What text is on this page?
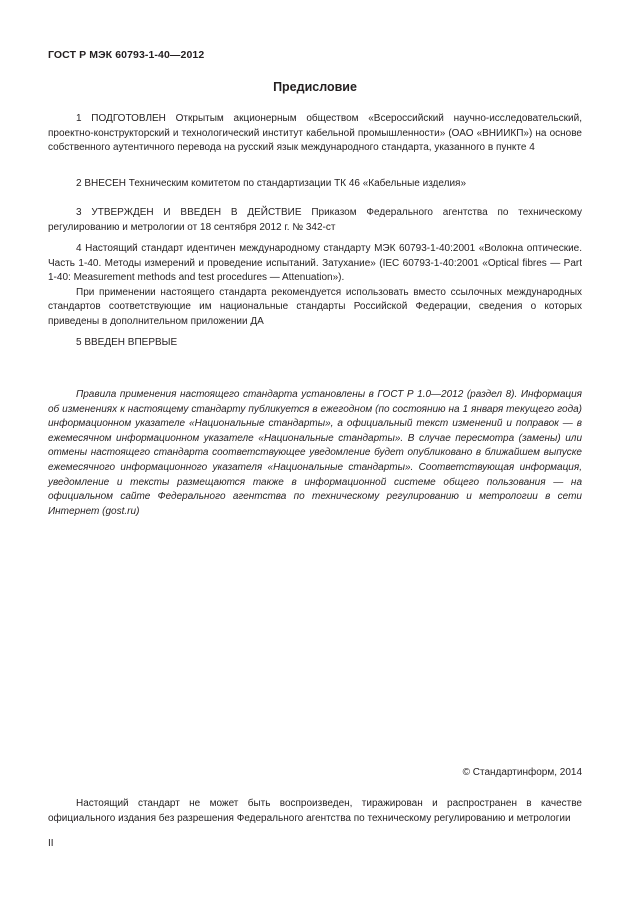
ГОСТ Р МЭК 60793-1-40—2012
Предисловие

1 ПОДГОТОВЛЕН Открытым акционерным обществом «Всероссийский научно-исследовательский, проектно-конструкторский и технологический институт кабельной промышленности» (ОАО «ВНИИКП») на основе собственного аутентичного перевода на русский язык международного стандарта, указанного в пункте 4

2 ВНЕСЕН Техническим комитетом по стандартизации ТК 46 «Кабельные изделия»

3 УТВЕРЖДЕН И ВВЕДЕН В ДЕЙСТВИЕ Приказом Федерального агентства по техническому регулированию и метрологии от 18 сентября 2012 г. № 342-ст

4 Настоящий стандарт идентичен международному стандарту МЭК 60793-1-40:2001 «Волокна оптические. Часть 1-40. Методы измерений и проведение испытаний. Затухание» (IEC 60793-1-40:2001 «Optical fibres — Part 1-40: Measurement methods and test procedures — Attenuation»).

При применении настоящего стандарта рекомендуется использовать вместо ссылочных международных стандартов соответствующие им национальные стандарты Российской Федерации, сведения о которых приведены в дополнительном приложении ДА

5 ВВЕДЕН ВПЕРВЫЕ

Правила применения настоящего стандарта установлены в ГОСТ Р 1.0—2012 (раздел 8). Информация об изменениях к настоящему стандарту публикуется в ежегодном (по состоянию на 1 января текущего года) информационном указателе «Национальные стандарты», а официальный текст изменений и поправок — в ежемесячном информационном указателе «Национальные стандарты». В случае пересмотра (замены) или отмены настоящего стандарта соответствующее уведомление будет опубликовано в ближайшем выпуске ежемесячного информационного указателя «Национальные стандарты». Соответствующая информация, уведомление и тексты размещаются также в информационной системе общего пользования — на официальном сайте Федерального агентства по техническому регулированию и метрологии в сети Интернет (gost.ru)

© Стандартинформ, 2014

Настоящий стандарт не может быть воспроизведен, тиражирован и распространен в качестве официального издания без разрешения Федерального агентства по техническому регулированию и метрологии

II
